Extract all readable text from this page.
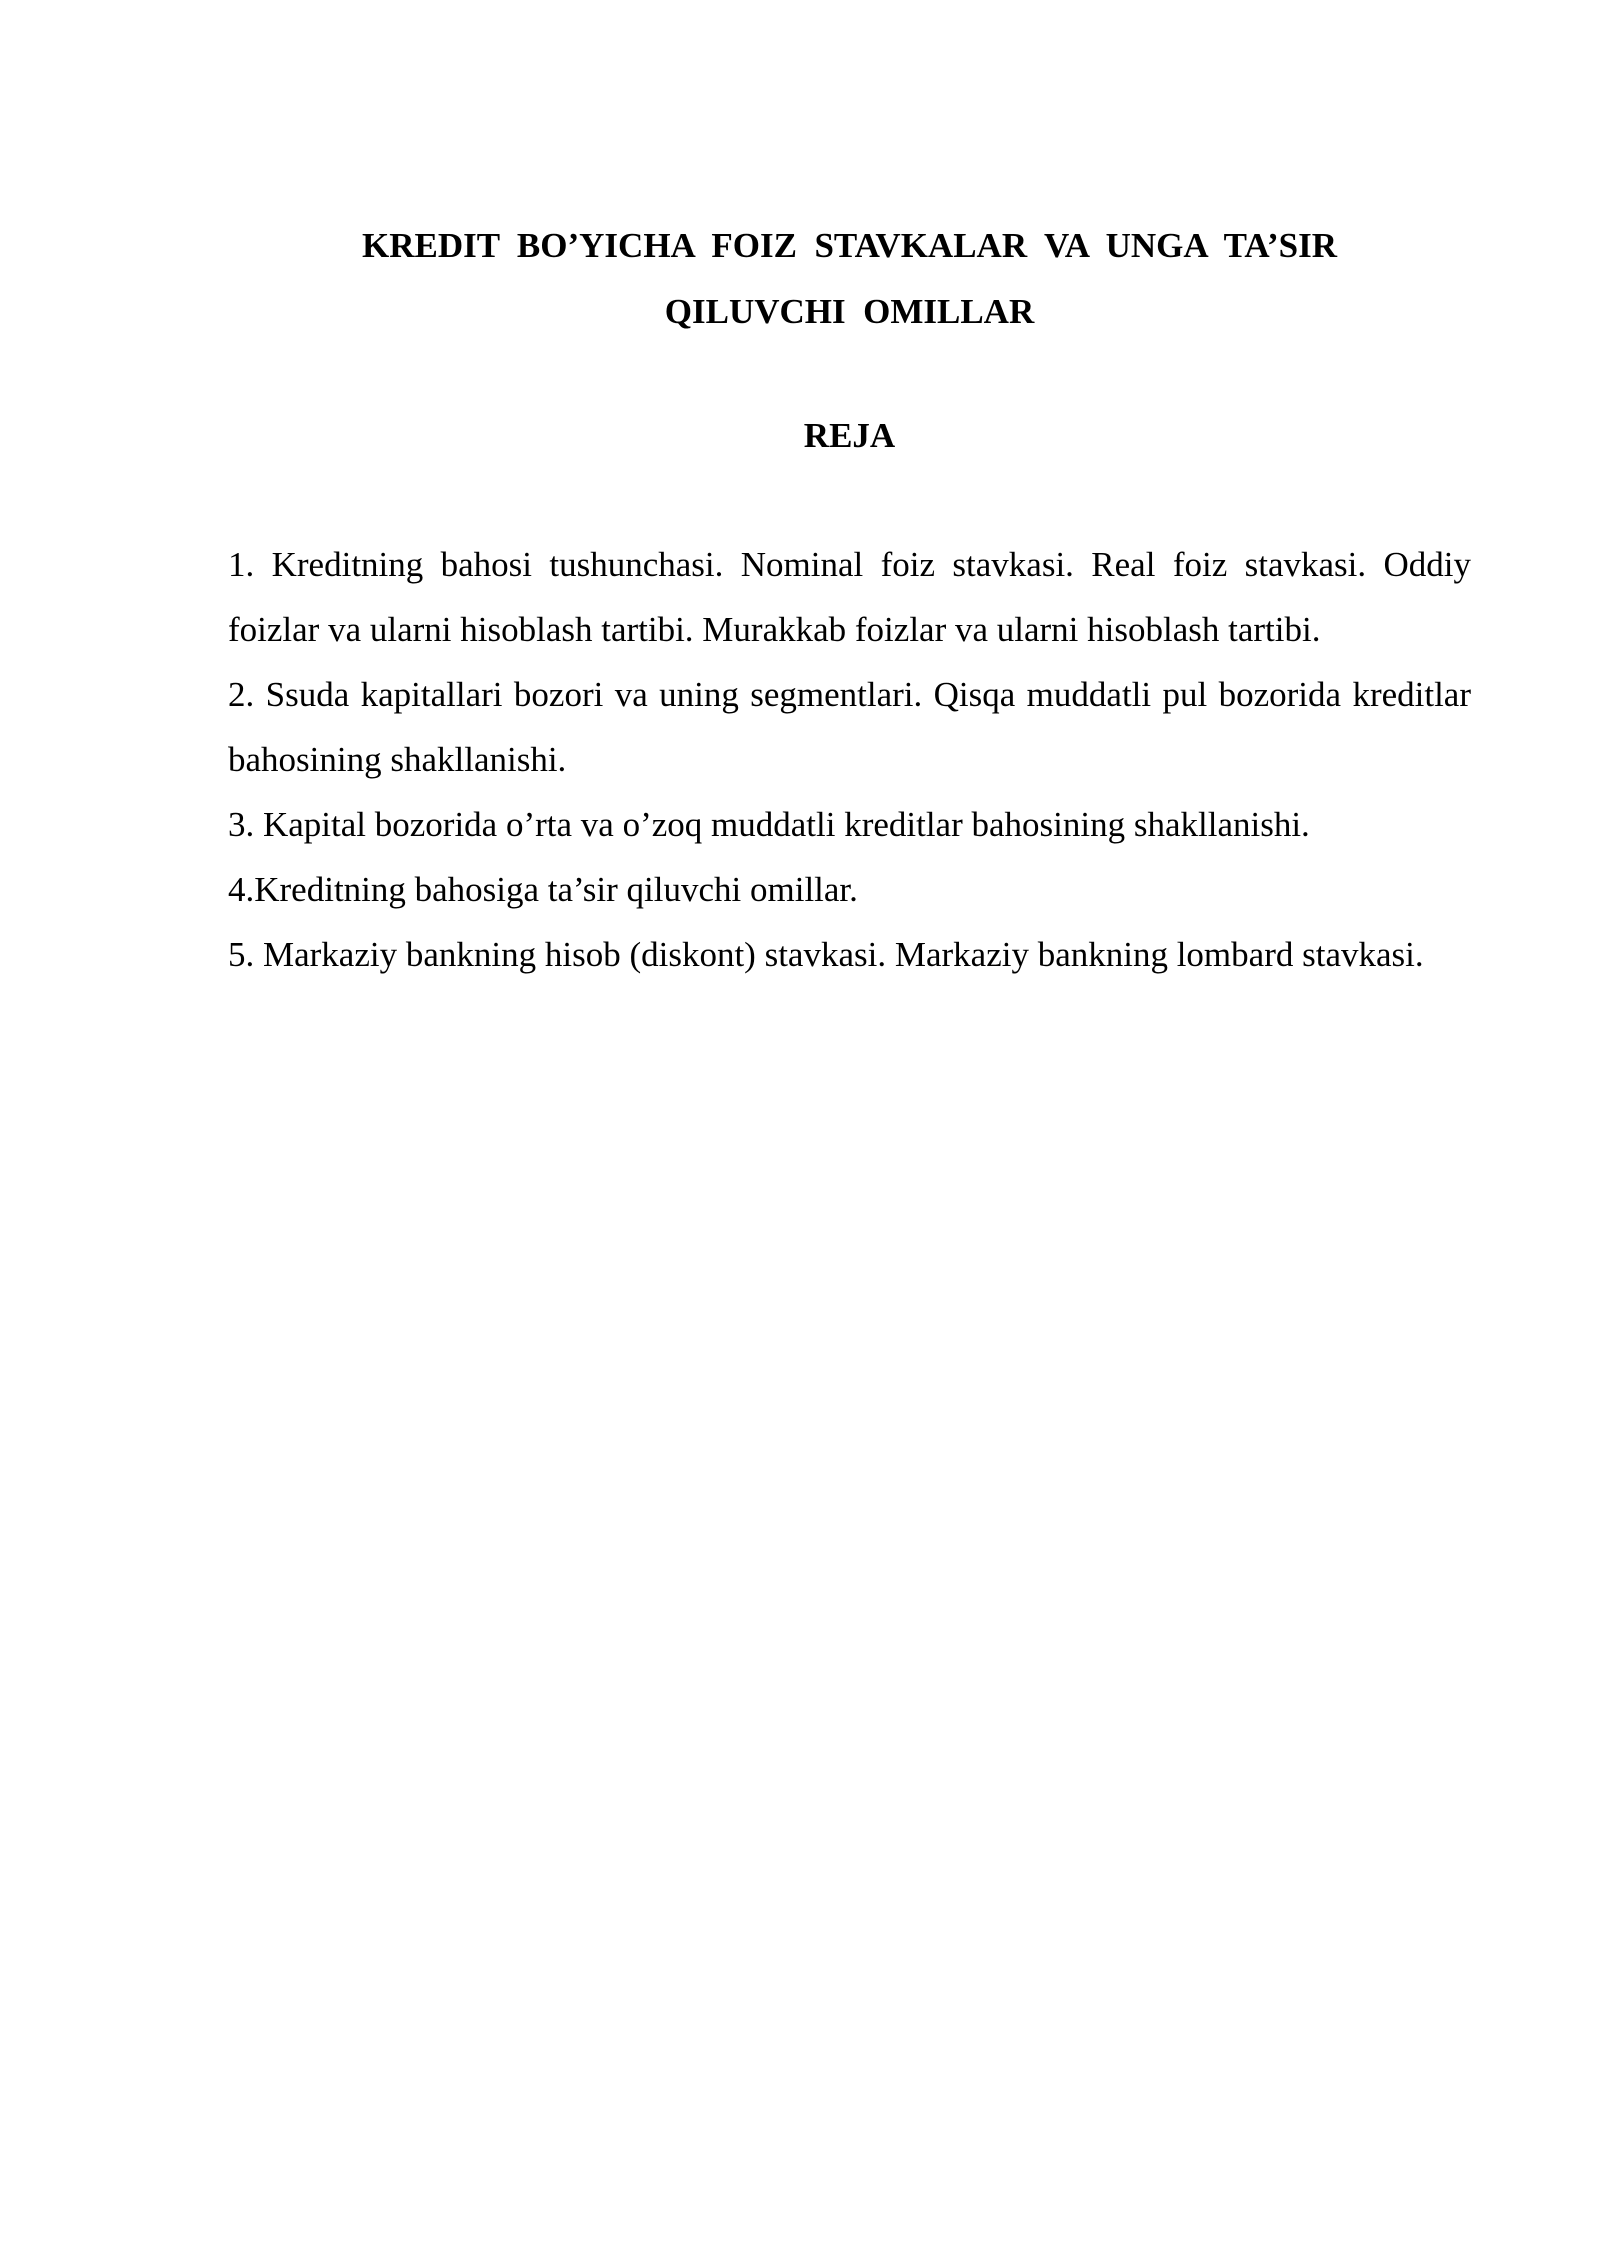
KREDIT  BO’YICHA  FOIZ  STAVKALAR  VA  UNGA  TA’SIR
QILUVCHI  OMILLAR
REJA

1. Kreditning bahosi tushunchasi. Nominal foiz stavkasi. Real foiz stavkasi. Oddiy foizlar va ularni hisoblash tartibi. Murakkab foizlar va ularni hisoblash tartibi.

2. Ssuda kapitallari bozori va uning segmentlari. Qisqa muddatli pul bozorida kreditlar bahosining shakllanishi.

3. Kapital bozorida o’rta va o’zoq muddatli kreditlar bahosining shakllanishi.

4.Kreditning bahosiga ta’sir qiluvchi omillar.

5. Markaziy bankning hisob (diskont) stavkasi. Markaziy bankning lombard stavkasi.
